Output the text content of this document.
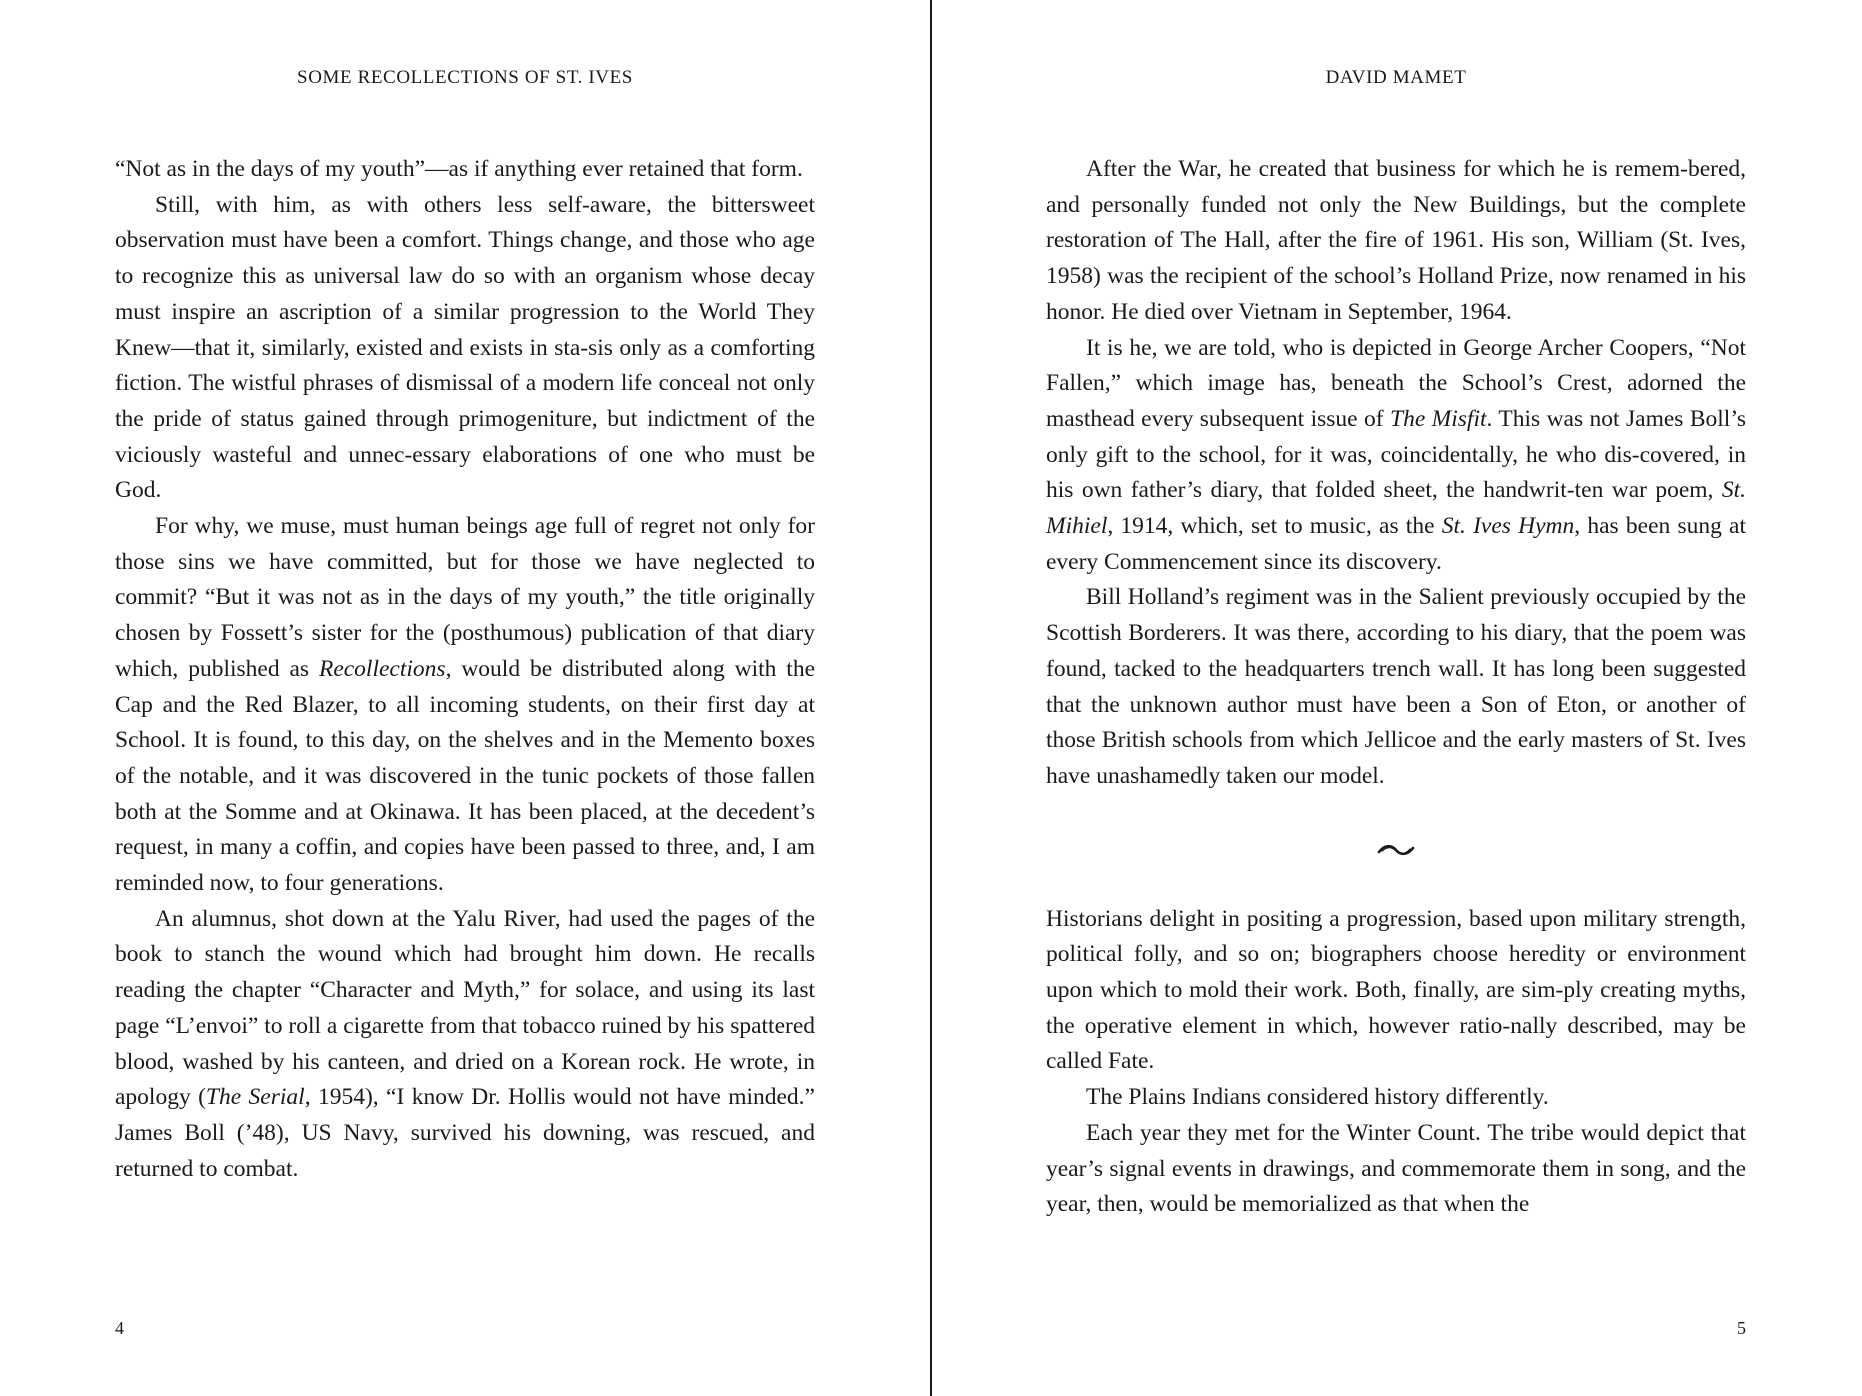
SOME RECOLLECTIONS OF ST. IVES

“Not as in the days of my youth”—as if anything ever retained that form.

Still, with him, as with others less self-aware, the bittersweet observation must have been a comfort. Things change, and those who age to recognize this as universal law do so with an organism whose decay must inspire an ascription of a similar progression to the World They Knew—that it, similarly, existed and exists in sta-sis only as a comforting fiction. The wistful phrases of dismissal of a modern life conceal not only the pride of status gained through primogeniture, but indictment of the viciously wasteful and unnec-essary elaborations of one who must be God.

For why, we muse, must human beings age full of regret not only for those sins we have committed, but for those we have neglected to commit? “But it was not as in the days of my youth,” the title originally chosen by Fossett’s sister for the (posthumous) publication of that diary which, published as Recollections, would be distributed along with the Cap and the Red Blazer, to all incoming students, on their first day at School. It is found, to this day, on the shelves and in the Memento boxes of the notable, and it was discovered in the tunic pockets of those fallen both at the Somme and at Okinawa. It has been placed, at the decedent’s request, in many a coffin, and copies have been passed to three, and, I am reminded now, to four generations.

An alumnus, shot down at the Yalu River, had used the pages of the book to stanch the wound which had brought him down. He recalls reading the chapter “Character and Myth,” for solace, and using its last page “L’envoi” to roll a cigarette from that tobacco ruined by his spattered blood, washed by his canteen, and dried on a Korean rock. He wrote, in apology (The Serial, 1954), “I know Dr. Hollis would not have minded.” James Boll (’48), US Navy, survived his downing, was rescued, and returned to combat.

4
DAVID MAMET

After the War, he created that business for which he is remem-bered, and personally funded not only the New Buildings, but the complete restoration of The Hall, after the fire of 1961. His son, William (St. Ives, 1958) was the recipient of the school’s Holland Prize, now renamed in his honor. He died over Vietnam in September, 1964.

It is he, we are told, who is depicted in George Archer Coopers, “Not Fallen,” which image has, beneath the School’s Crest, adorned the masthead every subsequent issue of The Misfit. This was not James Boll’s only gift to the school, for it was, coincidentally, he who dis-covered, in his own father’s diary, that folded sheet, the handwrit-ten war poem, St. Mihiel, 1914, which, set to music, as the St. Ives Hymn, has been sung at every Commencement since its discovery.

Bill Holland’s regiment was in the Salient previously occupied by the Scottish Borderers. It was there, according to his diary, that the poem was found, tacked to the headquarters trench wall. It has long been suggested that the unknown author must have been a Son of Eton, or another of those British schools from which Jellicoe and the early masters of St. Ives have unashamedly taken our model.

Historians delight in positing a progression, based upon military strength, political folly, and so on; biographers choose heredity or environment upon which to mold their work. Both, finally, are sim-ply creating myths, the operative element in which, however ratio-nally described, may be called Fate.

The Plains Indians considered history differently.

Each year they met for the Winter Count. The tribe would depict that year’s signal events in drawings, and commemorate them in song, and the year, then, would be memorialized as that when the

5
